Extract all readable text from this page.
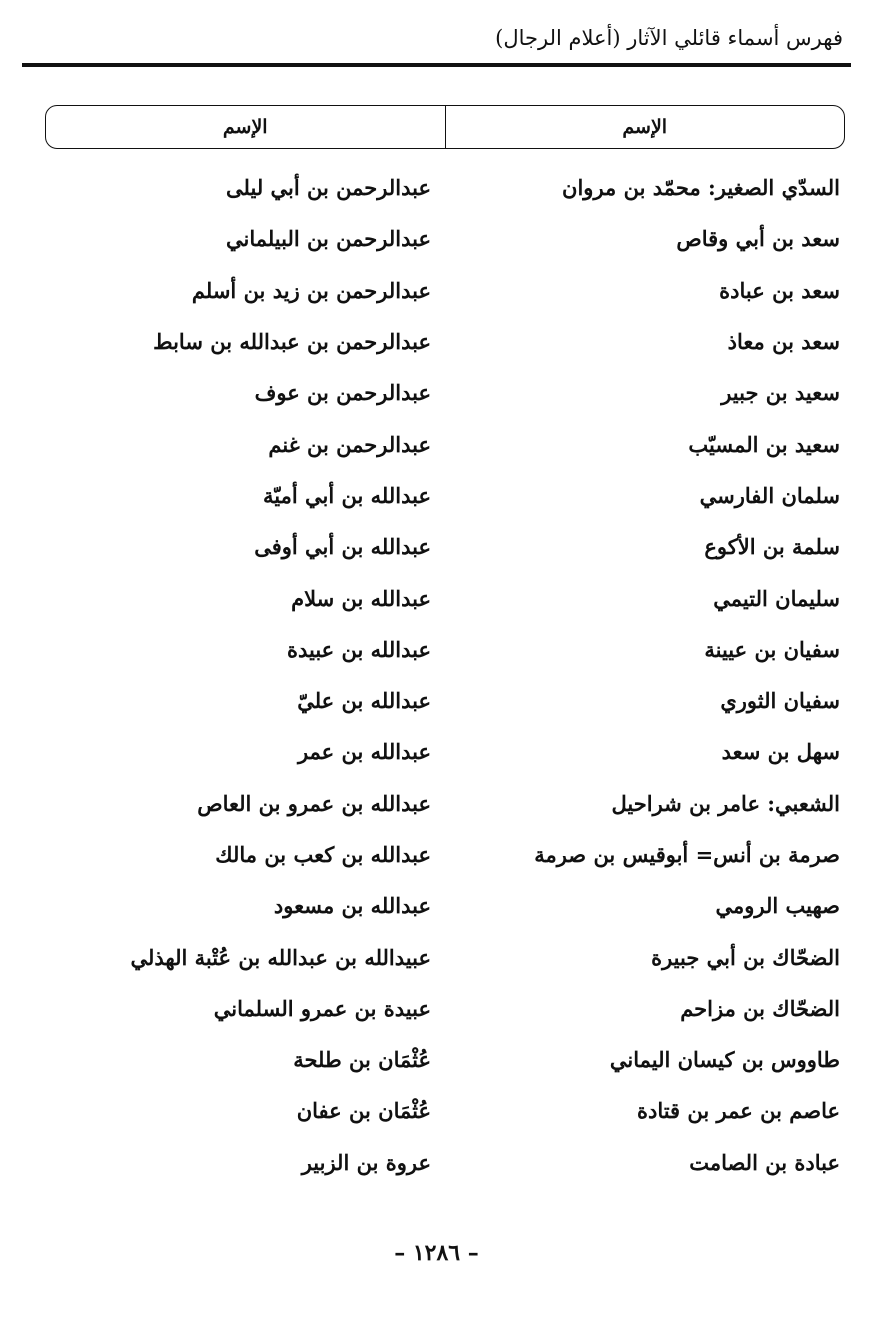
فهرس أسماء قائلي الآثار (أعلام الرجال)
الإسم
الإسم
السدّي الصغير: محمّد بن مروان
عبدالرحمن بن أبي ليلى
سعد بن أبي وقاص
عبدالرحمن بن البيلماني
سعد بن عبادة
عبدالرحمن بن زيد بن أسلم
سعد بن معاذ
عبدالرحمن بن عبدالله بن سابط
سعيد بن جبير
عبدالرحمن بن عوف
سعيد بن المسيّب
عبدالرحمن بن غنم
سلمان الفارسي
عبدالله بن أبي أميّة
سلمة بن الأكوع
عبدالله بن أبي أوفى
سليمان التيمي
عبدالله بن سلام
سفيان بن عيينة
عبدالله بن عبيدة
سفيان الثوري
عبدالله بن عليّ
سهل بن سعد
عبدالله بن عمر
الشعبي: عامر بن شراحيل
عبدالله بن عمرو بن العاص
صرمة بن أنس= أبوقيس بن صرمة
عبدالله بن كعب بن مالك
صهيب الرومي
عبدالله بن مسعود
الضحّاك بن أبي جبيرة
عبيدالله بن عبدالله بن عُتْبة الهذلي
الضحّاك بن مزاحم
عبيدة بن عمرو السلماني
طاووس بن كيسان اليماني
عُثْمَان بن طلحة
عاصم بن عمر بن قتادة
عُثْمَان بن عفان
عبادة بن الصامت
عروة بن الزبير
– ١٢٨٦ –
